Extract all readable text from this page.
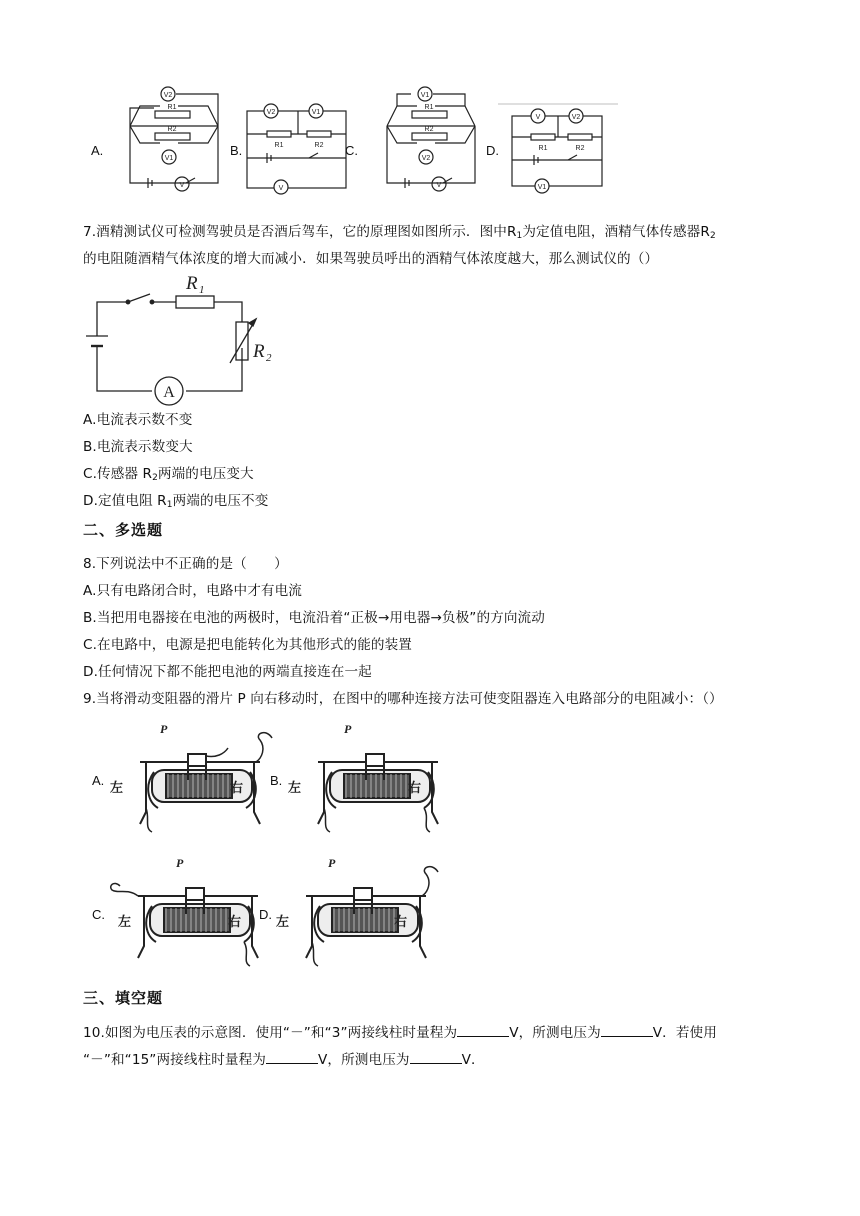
A.	B.	C.	D.
V2
V1
V
R1
R2
V2	V1
V
R1	R2
V1
V2
V
R1
R2
V	V2
V1
R1	R2
7.酒精测试仪可检测驾驶员是否酒后驾车，它的原理图如图所示．图中$R_1$为定值电阻，酒精气体传感器$R_2$
的电阻随酒精气体浓度的增大而减小．如果驾驶员呼出的酒精气体浓度越大，那么测试仪的（）
R 1
R 2
A
A.电流表示数不变
B.电流表示数变大
C.传感器 $R_2$两端的电压变大
D.定值电阻 $R_1$两端的电压不变
二、多选题
8.下列说法中不正确的是（　　）
A.只有电路闭合时，电路中才有电流
B.当把用电器接在电池的两极时，电流沿着“正极→用电器→负极”的方向流动
C.在电路中，电源是把电能转化为其他形式的能的装置
D.任何情况下都不能把电池的两端直接连在一起
9.当将滑动变阻器的滑片 P 向右移动时，在图中的哪种连接方法可使变阻器连入电路部分的电阻减小：（）
A.
P
左	右
B.
P
左	右
C.
P
左	右
D.
P
左	右
三、填空题
10.如图为电压表的示意图．使用“－”和“3”两接线柱时量程为	V，所测电压为	V．若使用
“－”和“15”两接线柱时量程为	V，所测电压为	V．
